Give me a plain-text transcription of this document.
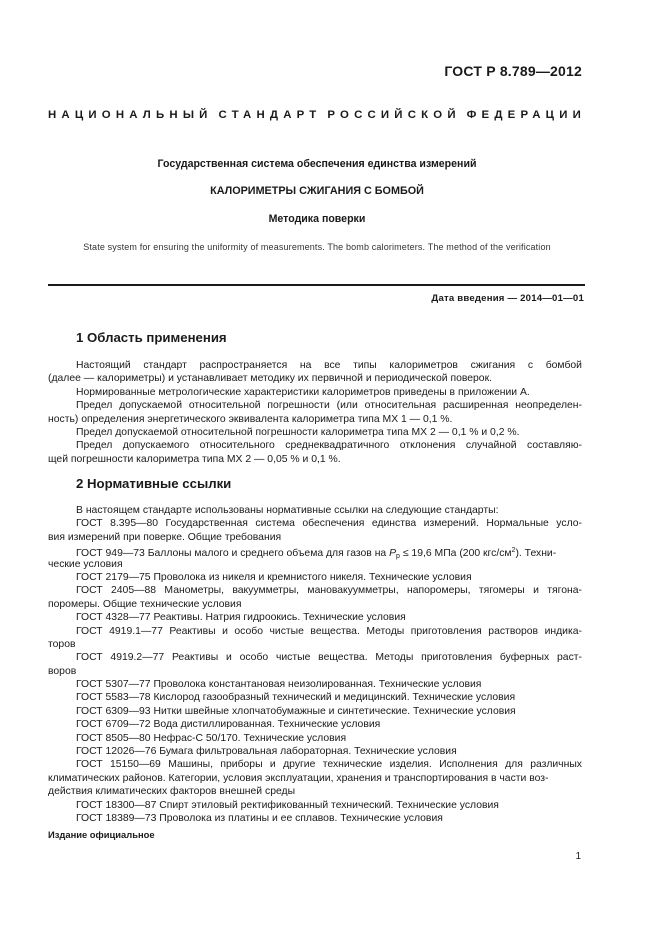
ГОСТ Р 8.789—2012
НАЦИОНАЛЬНЫЙ СТАНДАРТ РОССИЙСКОЙ ФЕДЕРАЦИИ
Государственная система обеспечения единства измерений
КАЛОРИМЕТРЫ СЖИГАНИЯ С БОМБОЙ
Методика поверки
State system for ensuring the uniformity of measurements. The bomb calorimeters. The method of the verification
Дата введения — 2014—01—01
1 Область применения
Настоящий стандарт распространяется на все типы калориметров сжигания с бомбой
(далее — калориметры) и устанавливает методику их первичной и периодической поверок.
Нормированные метрологические характеристики калориметров приведены в приложении А.
Предел допускаемой относительной погрешности (или относительная расширенная неопределен-
ность) определения энергетического эквивалента калориметра типа МХ 1 — 0,1 %.
Предел допускаемой относительной погрешности калориметра типа МХ 2 — 0,1 % и 0,2 %.
Предел допускаемого относительного среднеквадратичного отклонения случайной составляю-
щей погрешности калориметра типа МХ 2 — 0,05 % и 0,1 %.
2 Нормативные ссылки
В настоящем стандарте использованы нормативные ссылки на следующие стандарты:
ГОСТ 8.395—80 Государственная система обеспечения единства измерений. Нормальные усло-
вия измерений при поверке. Общие требования
ГОСТ 949—73 Баллоны малого и среднего объема для газов на $P_р \le 19,6$ МПа (200 кгс/$см^2$). Техни-
ческие условия
ГОСТ 2179—75 Проволока из никеля и кремнистого никеля. Технические условия
ГОСТ 2405—88 Манометры, вакуумметры, мановакуумметры, напоромеры, тягомеры и тягона-
поромеры. Общие технические условия
ГОСТ 4328—77 Реактивы. Натрия гидроокись. Технические условия
ГОСТ 4919.1—77 Реактивы и особо чистые вещества. Методы приготовления растворов индика-
торов
ГОСТ 4919.2—77 Реактивы и особо чистые вещества. Методы приготовления буферных раст-
воров
ГОСТ 5307—77 Проволока константановая неизолированная. Технические условия
ГОСТ 5583—78 Кислород газообразный технический и медицинский. Технические условия
ГОСТ 6309—93 Нитки швейные хлопчатобумажные и синтетические. Технические условия
ГОСТ 6709—72 Вода дистиллированная. Технические условия
ГОСТ 8505—80 Нефрас-С 50/170. Технические условия
ГОСТ 12026—76 Бумага фильтровальная лабораторная. Технические условия
ГОСТ 15150—69 Машины, приборы и другие технические изделия. Исполнения для различных
климатических районов. Категории, условия эксплуатации, хранения и транспортирования в части воз-
действия климатических факторов внешней среды
ГОСТ 18300—87 Спирт этиловый ректификованный технический. Технические условия
ГОСТ 18389—73 Проволока из платины и ее сплавов. Технические условия
Издание официальное
1
